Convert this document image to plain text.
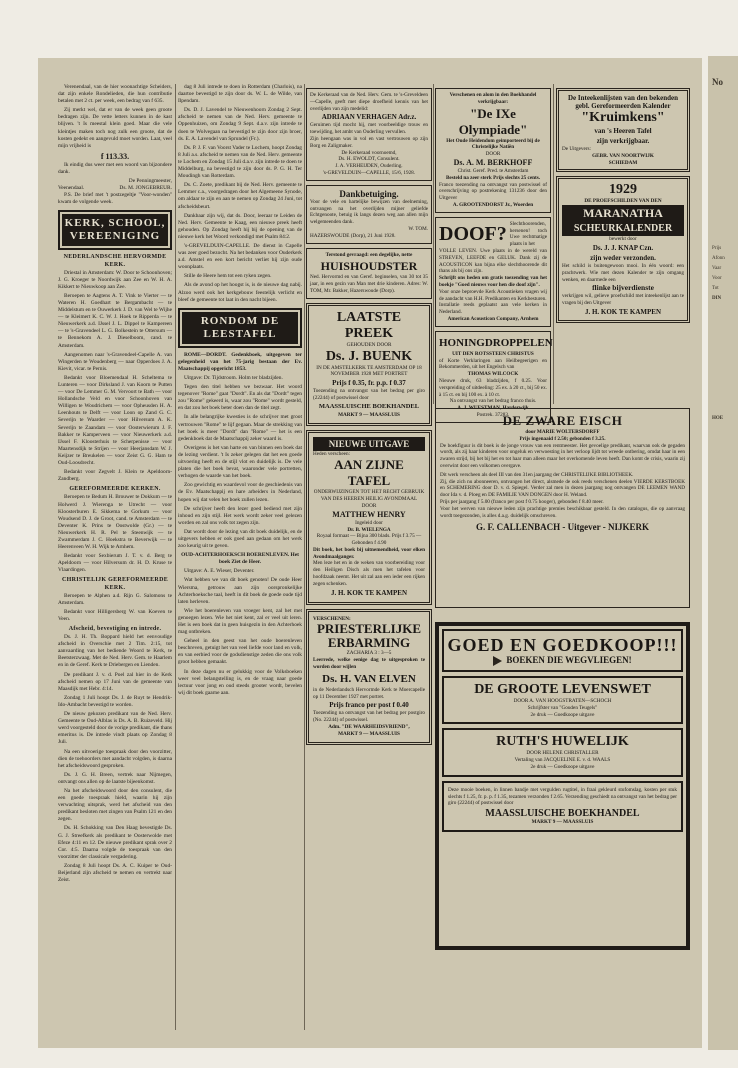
No
Prijs
Afonn
Vaar
Voor
Tot
DIN
HOE

Verenendaal, van de hier woonachtige Scheiders, dat zijn enkele Rondelieden, die hun contributie betalen met 2 ct. per week, een bedrag van f 635.

Zij merkt wel, dat er van de week geen groote bedragen zijn. De vette letters kunnen in de kast blijven. 't Is meestal klein goed. Maar die vele kleintjes maken toch nog zulk een groote, dat de kosten gedekt en aangevuld moet worden. Laat, veel mijn vrijheid is

f 113.33.

Ik eindig dus weer met een woord van bijzondere dank.

De Penningmeester,
Veenendaal.	Ds. M. JONGEBREUR.

P.S. De brief met 't postzegeltje "Voor-wonden" kwam de volgende week.

KERK, SCHOOL, VEREENIGING
NEDERLANDSCHE HERVORMDE KERK.

Driestal in Amsterdam: W. Door te Schoonhoven; J. G. Kroeger te Noordwijk aan Zee en W. H. A. Kikkert te Nieuwkoop aan Zee.

Beroepen te Aagtens A. T. Vink te Vierter — te Wateren H. Goedhart te Bergambacht — te Middelstum en te Ouwerkerk J. D. van Wel te Wijhe — te Kleimert K. C. W. J. Hoek te Ripperda — te Nieuwerkerk a.d. IJssel J. L. Dippel te Kampereen — te 's-Gravendeel L. G. Bolkestein te Ottersum — te Bennekom A. J. Dieselboom, cand. te Amsterdam.

Aangenomen naar 's-Gravendeel-Capelle A. van Wingerden te Woudenberg — naar Opperdoes J. A. Kievit, vicar. te Pernis.

Bedankt voor Bloemendaal H. Scheltema te Lunteren — voor Dirksland J. van Koorn te Putten — voor De Lemmer G. M. Vervoort te Bath — voor Hollandsche Veld en voor Schoonhoven van Willigen te Woudrichem — voor Opheusden H. A. Leenhouts te Delft — voor Loon op Zand G. C. Severijn te Waarder — voor Hilversum A. K. Severijn te Zaandam — voor Oosterwierum J. F. Bakker te Kamperveen — voor Nieuwerkerk a.d. IJssel F. Kloosterhuis te Scherpenisse — voor Maartensdijk te Strijen — voor Heerjansdam W. J. Keijzer te Breukelen — voor Zeist G. G. Ham te Oud-Loosdrecht.

Bedankt voor Zegvelt J. Klein te Apeldoorn-Zandberg.

GEREFORMEERDE KERKEN.

Beroepen te Bedum H. Brouwer te Dokkum — te Holwerd J. Wierenga te Utrecht — voor Kloosterburen E. Sikkema te Gorkum — voor Woudsend D. J. de Groot, cand. te Amsterdam — te Deventer K. Prins te Oostwolde (Gr.) — te Nieuwerkerk H. R. Pel te Steenwijk — te Zwammerdam J. C. Hoekstra te Beverwijk — te Heerenveen W. H. Wijk te Arnhem.

Bedankt voor Sexbierum J. T. v. d. Berg te Apeldoorn — voor Hilversum dr. H. D. Kruse te Vlaardingen.

CHRISTELIJK GEREFORMEERDE KERK.

Beroepen te Alphen a.d. Rijn G. Salomons te Amsterdam.

Bedankt voor Hilligersberg W. van Koeven te Veen.

Afscheid, bevestiging en intrede.

Ds. J. H. Th. Boppard hield het eenvoudige afscheid in Overschie met 2 Tim. 2:15, tot aanvaarding van het bediende Woord te Kerk, te Beetsterzwaag. Met de Ned. Herv. Gem. te Haarlem en in de Geref. Kerk te Driebergen en Lienden.

De predikant J. v. d. Poel zal hier in de Kerk afscheid nemen op 17 Juni van de gemeente van Maasdijk met Hebr. 4:14.

Zondag 1 Juli hoopt Ds. J. de Ruyt te Hendrik-Ido-Ambacht bevestigd te worden.

De nieuw gekozen predikant van de Ned. Herv. Gemeente te Oud-Alblas is Ds. A. B. Ruizeveld. Hij werd voorgesteld door de vorige predikant, die thans emeritus is. De intrede vindt plaats op Zondag 8 Juli.

Na een uitvoerige toespraak door den voorzitter, dien de toehoorders met aandacht volgden, is daarna het afscheidswoord gesproken.

Ds. J. G. H. Breen, vertrek naar Nijmegen, ontvangt ons allen op de laatste bijeenkomst.

Na het afscheidswoord door den consulent, die een goede toespraak hield, waarin hij zijn verwachting uitsprak, werd het afscheid van den predikant besloten met zingen van Psalm 121 en den zegen.

Ds. H. Schokking van Den Haag bevestigde Ds. G. J. Streefkerk als predikant te Oosterwolde met Efeze 4:11 en 12. De nieuwe predikant sprak over 2 Cor. 4:5. Daarna volgde de toespraak van den voorzitter der classicale vergadering.

Zondag 8 Juli hoopt Ds. A. C. Kuiper te Oud-Beijerland zijn afscheid te nemen en vertrekt naar Zeist.

dag 8 Juli intrede te doen in Rotterdam (Charlois), na daartoe bevestigd te zijn door ds. W. L. de Wilde, van Ilpendam.

Ds. D. J. Lavendel te Nieuwenhoorn Zondag 2 Sept. afscheid te nemen van de Ned. Herv. gemeente te Oppenhuizen, om Zondag 9 Sept. d.a.v. zijn intrede te doen te Wolvegaan na bevestigd te zijn door zijn broer, ds. E. A. Lavendel van Sprundel (Fr.).

Ds. P. J. F. van Voorst Vader te Lochem, hoopt Zondag 8 Juli a.s. afscheid te nemen van de Ned. Herv. gemeente te Lochem en Zondag 15 Juli d.a.v. zijn intrede te doen te Middelburg, na bevestigd te zijn door ds. P. G. H. Ter Moudingh van Rotterdam.

Ds. C. Zoete, predikant bij de Ned. Herv. gemeente te Lemmer c.a., voorgedragen door het Algemeene Synode, om aldaar te zijn en aan te nemen op Zondag 24 Juni, tot afscheidsbeurt.

Dankbaar zijn wij, dat ds. Door, leeraar te Leiden de Ned. Herv. Gemeente te Kaag, een nieuwe preek heeft gehouden. Op Zondag heeft hij bij de opening van de nieuwe kerk het Woord verkondigd met Psalm 84:2.

's-GREVELDUIN-CAPELLE. De dienst in Capelle was zeer goed bezocht. Na het bedanken voor Ouderkerk a.d. Amstel en een kort bericht verliet hij zijn oude woonplaats.

Stille de Heere hem tot een ryken zegen.

Als de avond op het hoogst is, is de nieuwe dag nabij. Alzoo werd ook het kerkgebouw feestelijk verlicht en bleef de gemeente tot laat in den nacht bijeen.

RONDOM DE LEESTAFEL

ROME—DORDT. Gedenkboek, uitgegeven ter gelegenheid van het 75-jarig bestaan der Ev. Maatschappij opgericht 1853.

Uitgave: Dr. Tijdstroom. Holm ter bladzijden.

Tegen den titel hebben we bezwaar. Het woord tegenover "Rome" gaat "Dordt". En als dat "Dordt" tegen zou "Rome" gekeerd is, waar zou "Rome" wordt gesteld, en dat zou het boek beter doen dan de titel zegt.

In alle belangrijke kwesties is de schrijver met groot vertrouwen "Rome" te lijf gegaan. Maar de strekking van het boek is meer "Dordt" dan "Rome" — het is een gedenkboek dat de Maatschappij zeker waard is.

Overigens is het van harte en van binnen een boek dat de lezing verdient. 't Is zeker gelegen dat het een goede uitvoering heeft en de stijl vlot en duidelijk is. De vele platen die het boek bevat, waaronder vele portretten, verhogen de waarde van het boek.

Zoo gewichtig en waardevol voor de geschiedenis van de Ev. Maatschappij en hare arbeiders in Nederland, hopen wij dat velen het boek zullen lezen.

De schrijver heeft den lezer goed bediend met zijn inhoud en zijn stijl. Het werk wordt zeker veel gelezen worden en zal ons volk tot zegen zijn.

Dat wordt door de lezing van dit boek duidelijk, en de uitgevers hebben er ook goed aan gedaan om het werk zoo keurig uit te geven.

OUD-ACHTERHOEKSCH BOERENLEVEN. Het boek Ziet de Heer.

Uitgave: A. E. Wieser, Deventer.

Wat hebben we van dit boek genoten! De oude Heer Wiersma, getrouw aan zijn oorspronkelijke Achterhoeksche taal, heeft in dit boek de goede oude tijd laten herleven.

Wie het boerenleven van vroeger kent, zal het met genoegen lezen. Wie het niet kent, zal er veel uit leren. Het is een boek dat in geen huisgezin in den Achterhoek mag ontbreken.

Geheel in den geest van het oude boerenleven beschreven, getuigt het van veel liefde voor land en volk, en van eerbied voor de godsdienstige zeden die ons volk groot hebben gemaakt.

In deze dagen nu er gelukkig voor de Volksboeken weer veel belangstelling is, en de vraag naar goede lectuur voor jong en oud steeds grooter wordt, bevelen wij dit boek gaarne aan.

De Kerkeraad van de Ned. Herv. Gem. te 's-Greveldeen—Capelle, geeft met diepe droefheid kennis van het overlijden van zijn medelid:
ADRIAAN VERHAGEN Adr.z.
Geruimen tijd mocht hij, met voorbeeldige trouw en toewijding, het ambt van Ouderling vervullen.
Zijn heengaan was in vol en vast vertrouwen op zijn Borg en Zaligmaker.
De Kerkeraad voornoemd,
Ds. H. EWOLDT, Consulent.
J. A. VERHEIJDEN, Ouderling.
's-GREVELDUIN—CAPELLE, 15/6, 1928.
Dankbetuiging.
Voor de vele en hartelijke bewijzen van deelneming, ontvangen na het overlijden mijner geliefde Echtgenoote, betuig ik langs dezen weg aan allen mijn welgemeenden dank.
W. TOM.
HAZERSWOUDE (Dorp), 21 Juni 1928.
Terstond gevraagd: een degelijke, nette
HUISHOUDSTER
Ned. Hervormd en van Geref. beginselen, van 30 tot 35 jaar, in een gezin van Man met drie kinderen. Adres: W. TOM, Mr. Bakker, Hazerswoude (Dorp).
LAATSTE PREEK
GEHOUDEN DOOR
Ds. J. BUENK
IN DE AMSTELKERK TE AMSTERDAM OP 18 NOVEMBER 1928 MET PORTRET
Prijs f 0.35, fr. p.p. f 0.37
Toezending na ontvangst van het bedrag per giro (22244) of postwissel door
MAASSLUISCHE BOEKHANDEL
MARKT 9 — MAASSLUIS
NIEUWE UITGAVE
Heden verscheen:
AAN ZIJNE TAFEL
ONDERWIJZINGEN TOT HET RECHT GEBRUIK VAN DES HEEREN HEILIG AVONDMAAL
DOOR
MATTHEW HENRY
Ingeleid door
Dr. B. WIELENGA
Royaal formaat — Bijna 300 blads. Prijs f 3.75 — Gebonden f 4.90
Dit boek, het boek bij uitnemendheid, voor elken Avondmaalganger.
Men leze het en in de weken van voorbereiding voor den Heiligen Disch als men het tafelen voor hoofdzaak neemt. Het uit zal aan een ieder een rijken zegen schenken.
J. H. KOK TE KAMPEN
VERSCHENEN:
PRIESTERLIJKE ERBARMING
ZACHARIA 3 : 3—5
Leerrede, welke eenige dag te uitgesproken te worden door wijlen
Ds. H. VAN ELVEN
in de Nederlandsch Hervormde Kerk te Moercapelle op 11 December 1927 met portret.
Prijs franco per post f 0.40
Toezending na ontvangst van het bedrag per postgiro (No. 22244) of postwissel.
Adm. "DE WAARHEIDSVRIEND",
MARKT 9 — MAASSLUIS
Verschenen en alom in den Boekhandel verkrijgbaar:
"De IXe Olympiade"
Het Oude Heidendom geimporteerd bij de Christelijke Natiën
DOOR
Ds. A. M. BERKHOFF
Christ. Geref. Pred. te Amsterdam
Besteld na zeer sterk Prijs slechts 25 cents.
Franco toezending na ontvangst van postwissel of overschrijving op postrekening 131236 door den Uitgever
A. GROOTENDORST Jr., Woerden
DOOF? Slechthoorenden, hersenen! toch Uwe rechtmatige plaats in het
VOLLE LEVEN. Uwe plaats in de wereld van STREVEN, LEEFDE en GELUK. Dank zij de ACOUSTICON kan bijna elke slechthoorende dit thans als bij ons zijn.
Schrijft ons heden om gratis toezending van het boekje "Goed nieuws voor hen die doof zijn".
Voor onze beproevde Kerk Acoustieken vragen wij de aandacht van H.H. Predikanten en Kerkbesturen.
Installatie reeds geplaatst aan vele kerken in Nederland.
American Acousticon Company, Arnhem
HONINGDROPPELEN
UIT DEN ROTSSTEEN CHRISTUS
of Korte Verklaringen aan Heilbegeerigen en Bekommerden, uit het Engelsch van
THOMAS WILCOCK
Nieuwe druk, 63 bladzijden, f 0.25. Voor verspreiding of uitdeeling: 25 ex. à 20 ct., bij 50 ex. à 15 ct. en bij 100 ex. à 10 ct.
Na ontvangst van het bedrag franco thuis.
A. J. WUESTMAN, Harderwijk
Postrek. 37283.
De Inteekenlijsten van den bekenden gebl. Gereformeerden Kalender
"Kruimkens"
van 's Heeren Tafel
zijn verkrijgbaar.
De Uitgevers:
GEBR. VAN NOORTWIJK
SCHIEDAM
1929
DE PROEFSCHILDEN VAN DEN
MARANATHA
SCHEURKALENDER
bewerkt door
Ds. J. J. KNAP Czn.
zijn weder verzonden.
Het schild is buitengewoon mooi. In één woord: een prachtwerk. Wie met dezen Kalender te zijn omgang wenken, en daarmede een
flinke bijverdienste
verkrijgen wil, gelieve proefschild met inteekenlijst aan te vragen bij den Uitgever
J. H. KOK TE KAMPEN
DE ZWARE EISCH
door MARIE WOLTERSDORFF
Prijs ingenaaid f 2.50; gebonden f 3.25.
De boekfiguur is dit boek is de jonge vrouw van een rentmeester. Het gevoelige predikant, waarvan ook de gegaden wordt, als zij haar kinderen voor ongeluk en verwoesting in het verloop lijdt tot wreede ontbering, omdat haar in een zwaren strijd, bij het bij het en tot haar man alleen maar het overkomende leven heeft. Dan komt de crisis, waarin zij overwint door een volkomen overgave.
Dit werk verscheen als deel III van den 31en jaargang der CHRISTELIJKE BIBLIOTHEEK.
Zij, die zich nu abonneeren, ontvangen het direct, alsmede de ook reeds verschenen deelen VIERDE KERSTBOEK en SCHEMERING door D. v. d. Spiegel. Verder zal men in dezen jaargang nog ontvangen DE LEEMEN WAND door Ida v. d. Ploeg en DE FAMILIE VAN DONGEN door H. Weland.
Prijs per jaargang f 5.00 (franco per post f 0.75 hooger), gebonden f 8.40 meer.
Voor het werven van nieuwe leden zijn prachtige premies beschikbaar gesteld. In den catalogus, die op aanvraag wordt toegezonden, is alles d.a.g. duidelijk omschreven.
G. F. CALLENBACH - Uitgever - NIJKERK
GOED EN GOEDKOOP!!!
BOEKEN DIE WEGVLIEGEN!
DE GROOTE LEVENSWET
DOOR A. VAN HOOGSTRATEN—SCHOCH
Schrijfster van "Gouden Teugels"
2e druk — Goedkoope uitgave
RUTH'S HUWELIJK
DOOR HELENE CHRISTALLER
Vertaling van JACQUELINE E. v. d. WAALS
2e druk — Goedkoope uitgave
Deze mooie boeken, in linnen bandje met vergulden rugtitel, in fraai gekleurd stofomslag, kosten per stuk slechts f 1.25, fr. p. p. f 1.35, tezamen verzonden f 2.65. Verzending geschiedt na ontvangst van het bedrag per giro (22244) of postwissel door
MAASSLUISCHE BOEKHANDEL
MARKT 9 — MAASSLUIS
